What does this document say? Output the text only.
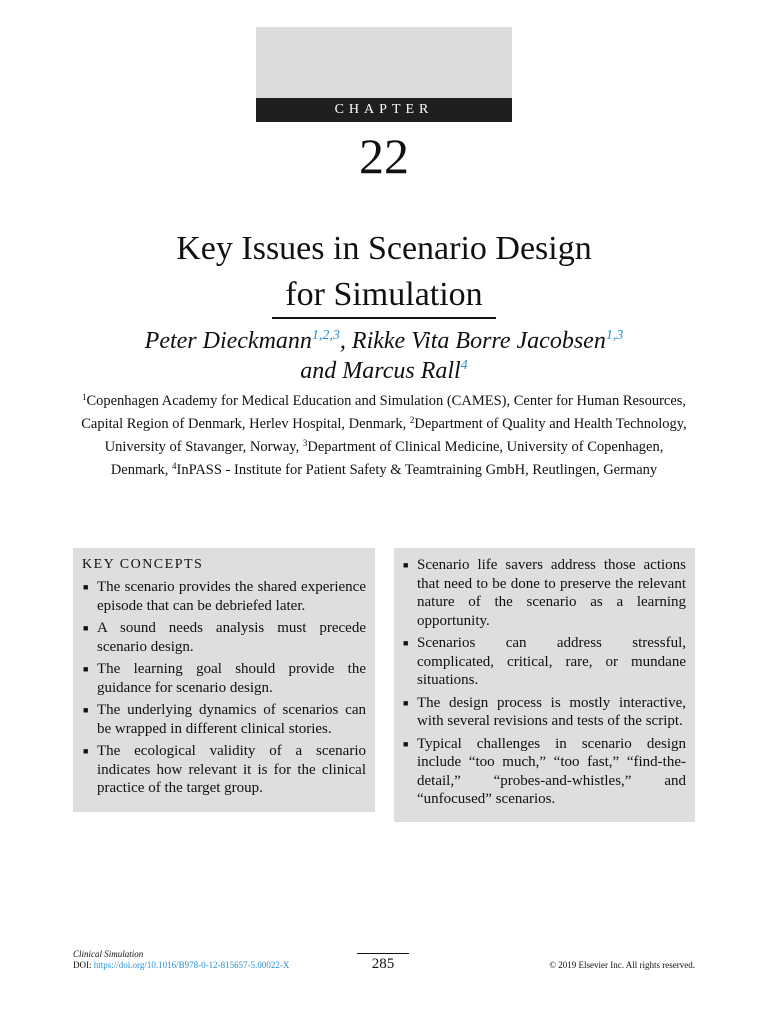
CHAPTER
22
Key Issues in Scenario Design
for Simulation
Peter Dieckmann$^{1,2,3}$, Rikke Vita Borre Jacobsen$^{1,3}$
and Marcus Rall$^4$
$^1$Copenhagen Academy for Medical Education and Simulation (CAMES), Center for Human Resources, Capital Region of Denmark, Herlev Hospital, Denmark, $^2$Department of Quality and Health Technology, University of Stavanger, Norway, $^3$Department of Clinical Medicine, University of Copenhagen, Denmark, $^4$InPASS - Institute for Patient Safety & Teamtraining GmbH, Reutlingen, Germany
KEY CONCEPTS
■ The scenario provides the shared experience episode that can be debriefed later.
■ A sound needs analysis must precede scenario design.
■ The learning goal should provide the guidance for scenario design.
■ The underlying dynamics of scenarios can be wrapped in different clinical stories.
■ The ecological validity of a scenario indicates how relevant it is for the clinical practice of the target group.
■ Scenario life savers address those actions that need to be done to preserve the relevant nature of the scenario as a learning opportunity.
■ Scenarios can address stressful, complicated, critical, rare, or mundane situations.
■ The design process is mostly interactive, with several revisions and tests of the script.
■ Typical challenges in scenario design include “too much,” “too fast,” “find-the-detail,” “probes-and-whistles,” and “unfocused” scenarios.
Clinical Simulation
DOI: https://doi.org/10.1016/B978-0-12-815657-5.00022-X	285	© 2019 Elsevier Inc. All rights reserved.
